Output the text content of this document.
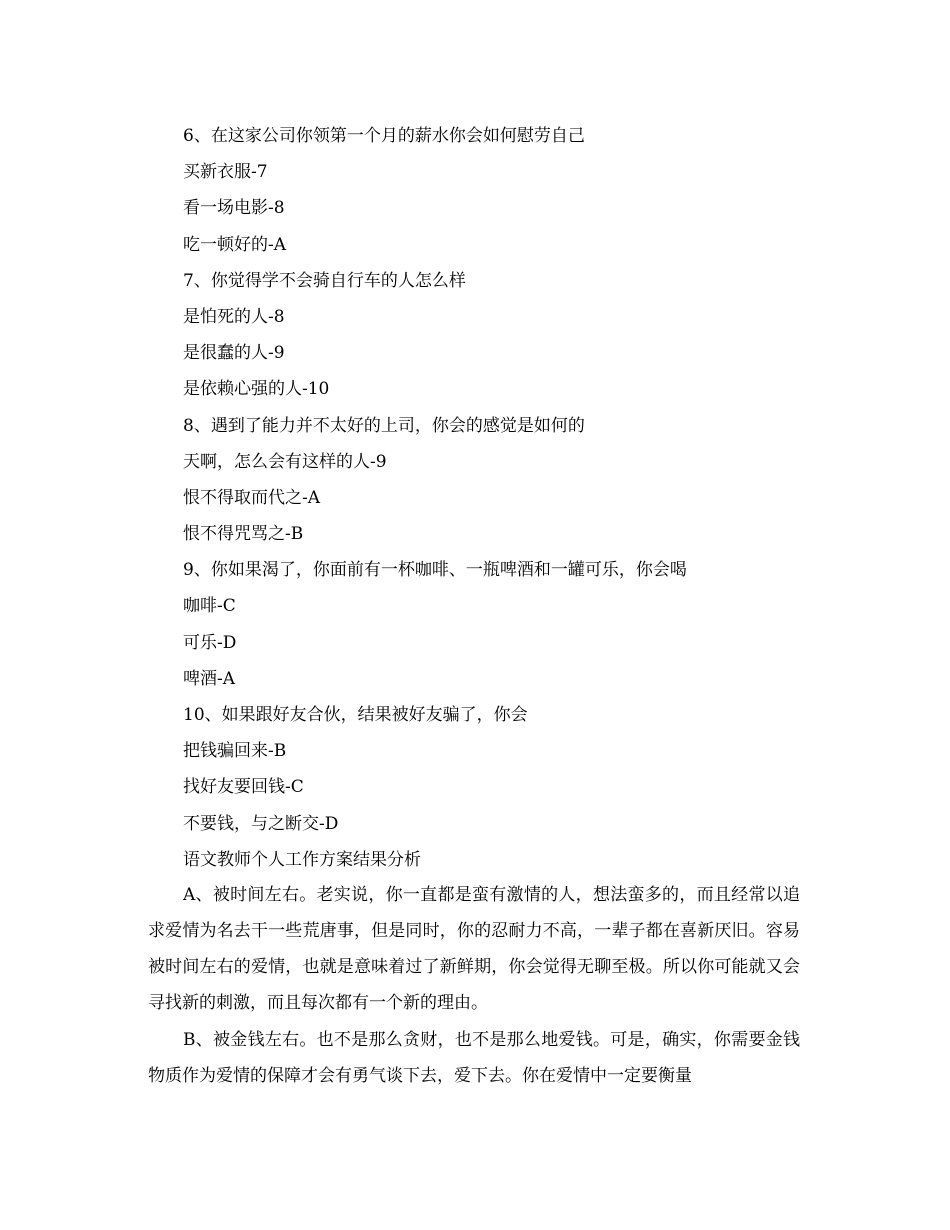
6、在这家公司你领第一个月的薪水你会如何慰劳自己
买新衣服-7
看一场电影-8
吃一顿好的-A
7、你觉得学不会骑自行车的人怎么样
是怕死的人-8
是很蠢的人-9
是依赖心强的人-10
8、遇到了能力并不太好的上司，你会的感觉是如何的
天啊，怎么会有这样的人-9
恨不得取而代之-A
恨不得咒骂之-B
9、你如果渴了，你面前有一杯咖啡、一瓶啤酒和一罐可乐，你会喝
咖啡-C
可乐-D
啤酒-A
10、如果跟好友合伙，结果被好友骗了，你会
把钱骗回来-B
找好友要回钱-C
不要钱，与之断交-D
语文教师个人工作方案结果分析

A、被时间左右。老实说，你一直都是蛮有激情的人，想法蛮多的，而且经常以追求爱情为名去干一些荒唐事，但是同时，你的忍耐力不高，一辈子都在喜新厌旧。容易被时间左右的爱情，也就是意味着过了新鲜期，你会觉得无聊至极。所以你可能就又会寻找新的刺激，而且每次都有一个新的理由。

B、被金钱左右。也不是那么贪财，也不是那么地爱钱。可是，确实，你需要金钱物质作为爱情的保障才会有勇气谈下去，爱下去。你在爱情中一定要衡量
